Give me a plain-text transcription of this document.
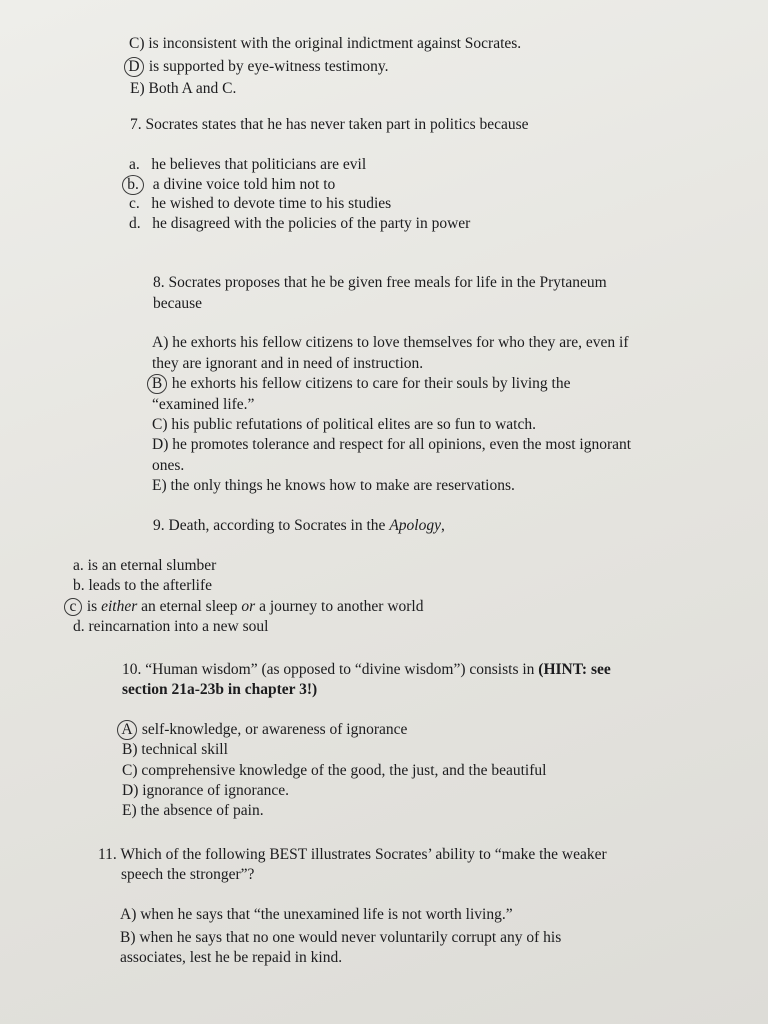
C) is inconsistent with the original indictment against Socrates.
D is supported by eye-witness testimony.
E) Both A and C.
7. Socrates states that he has never taken part in politics because
a. he believes that politicians are evil
b. a divine voice told him not to
c. he wished to devote time to his studies
d. he disagreed with the policies of the party in power
8. Socrates proposes that he be given free meals for life in the Prytaneum
because
A) he exhorts his fellow citizens to love themselves for who they are, even if
they are ignorant and in need of instruction.
B he exhorts his fellow citizens to care for their souls by living the
“examined life.”
C) his public refutations of political elites are so fun to watch.
D) he promotes tolerance and respect for all opinions, even the most ignorant
ones.
E) the only things he knows how to make are reservations.
9. Death, according to Socrates in the Apology,
a. is an eternal slumber
b. leads to the afterlife
c is either an eternal sleep or a journey to another world
d. reincarnation into a new soul
10. “Human wisdom” (as opposed to “divine wisdom”) consists in (HINT: see
section 21a-23b in chapter 3!)
A self-knowledge, or awareness of ignorance
B) technical skill
C) comprehensive knowledge of the good, the just, and the beautiful
D) ignorance of ignorance.
E) the absence of pain.
11. Which of the following BEST illustrates Socrates’ ability to “make the weaker
speech the stronger”?
A) when he says that “the unexamined life is not worth living.”
B) when he says that no one would never voluntarily corrupt any of his
associates, lest he be repaid in kind.
